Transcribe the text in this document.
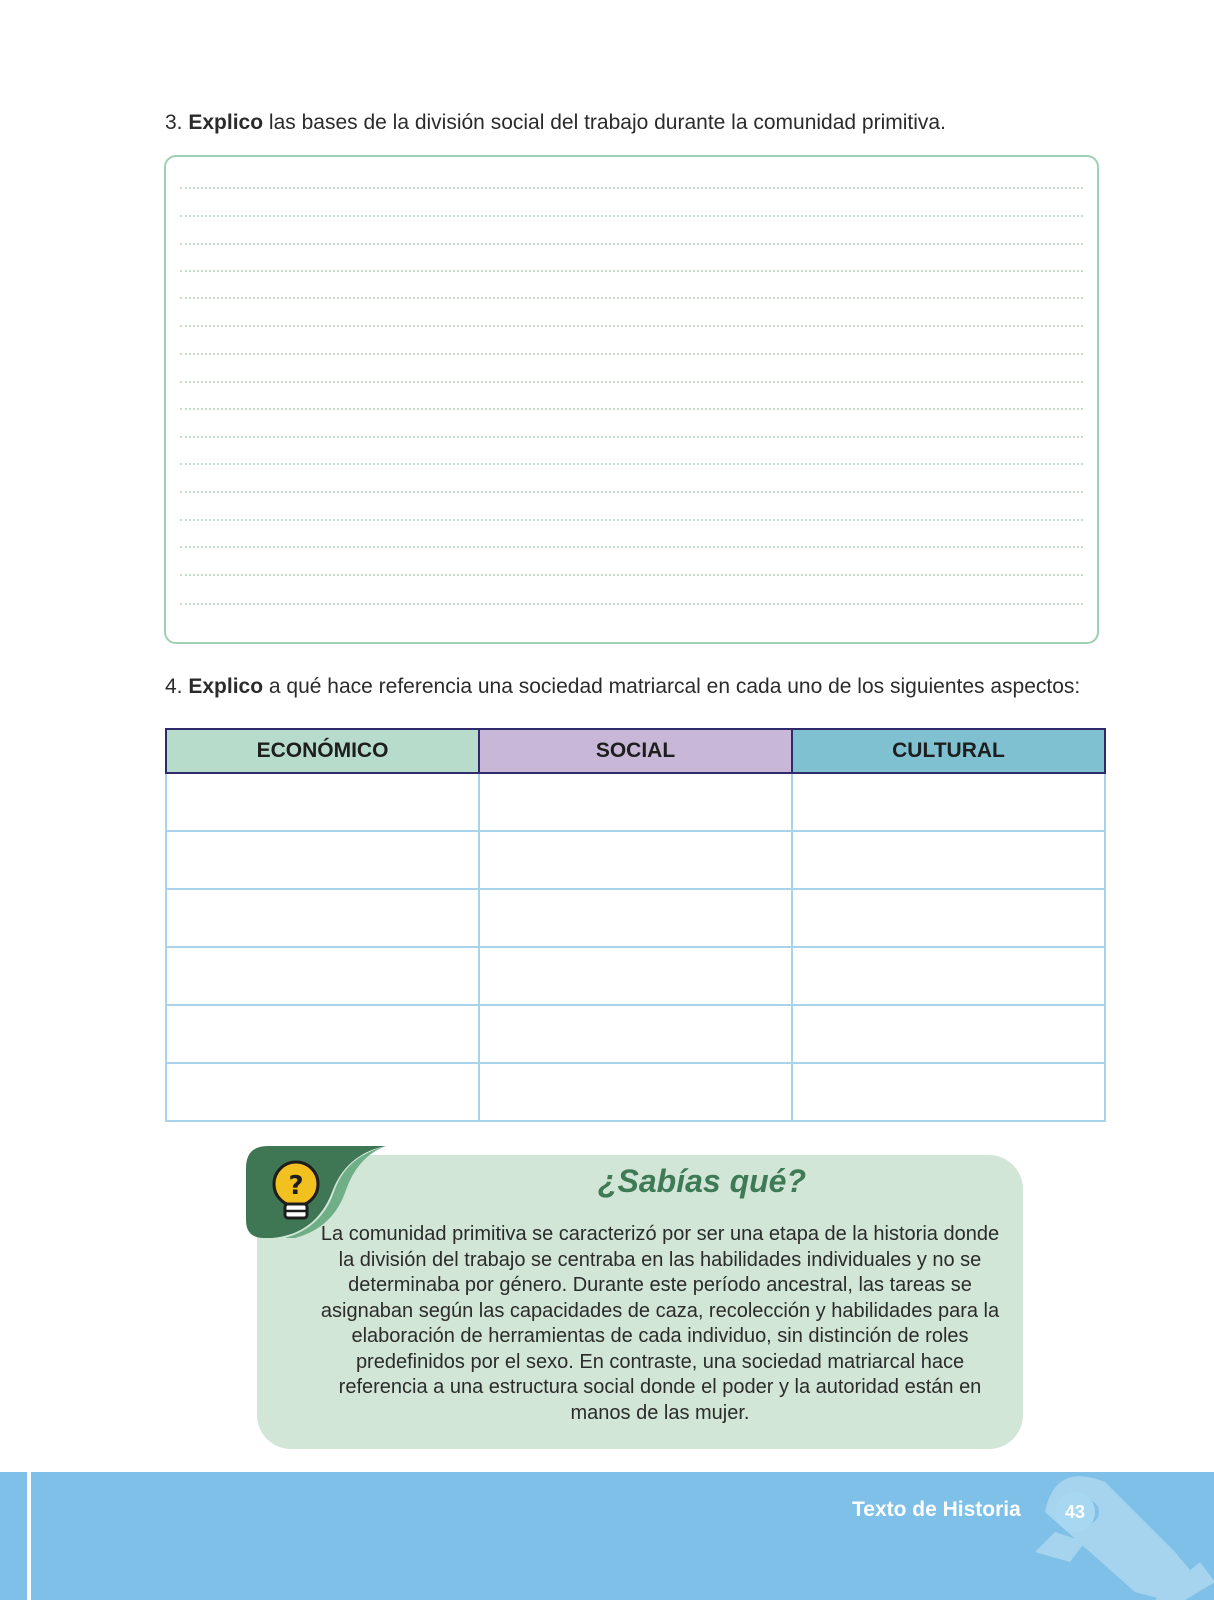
3. Explico las bases de la división social del trabajo durante la comunidad primitiva.
4. Explico a qué hace referencia una sociedad matriarcal en cada uno de los siguientes aspectos:
ECONÓMICO	SOCIAL	CULTURAL

?	¿Sabías qué?
La comunidad primitiva se caracterizó por ser una etapa de la historia donde la división del trabajo se centraba en las habilidades individuales y no se determinaba por género. Durante este período ancestral, las tareas se asignaban según las capacidades de caza, recolección y habilidades para la elaboración de herramientas de cada individuo, sin distinción de roles predefinidos por el sexo. En contraste, una sociedad matriarcal hace referencia a una estructura social donde el poder y la autoridad están en manos de las mujer.
Texto de Historia	43
